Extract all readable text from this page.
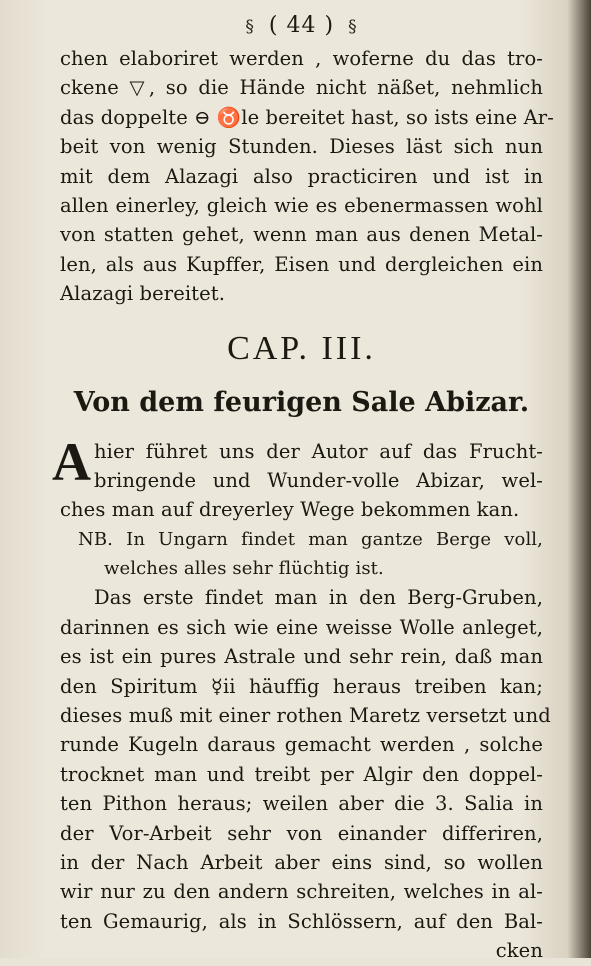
§ ( 44 ) §
chen elaboriret werden , woferne du das tro-
ckene ▽, so die Hände nicht näßet, nehmlich
das doppelte ⊖ ♉le bereitet hast, so ists eine Ar-
beit von wenig Stunden. Dieses läst sich nun
mit dem Alazagi also practiciren und ist in
allen einerley, gleich wie es ebenermassen wohl
von statten gehet, wenn man aus denen Metal-
len, als aus Kupffer, Eisen und dergleichen ein
Alazagi bereitet.
CAP. III.
Von dem feurigen Sale Abizar.
A hier führet uns der Autor auf das Frucht-
bringende und Wunder-volle Abizar, wel-
ches man auf dreyerley Wege bekommen kan.
NB. In Ungarn findet man gantze Berge voll,
welches alles sehr flüchtig ist.
Das erste findet man in den Berg-Gruben,
darinnen es sich wie eine weisse Wolle anleget,
es ist ein pures Astrale und sehr rein, daß man
den Spiritum ☿ii häuffig heraus treiben kan;
dieses muß mit einer rothen Maretz versetzt und
runde Kugeln daraus gemacht werden , solche
trocknet man und treibt per Algir den doppel-
ten Pithon heraus; weilen aber die 3. Salia in
der Vor-Arbeit sehr von einander differiren,
in der Nach Arbeit aber eins sind, so wollen
wir nur zu den andern schreiten, welches in al-
ten Gemaurig, als in Schlössern, auf den Bal-
cken
